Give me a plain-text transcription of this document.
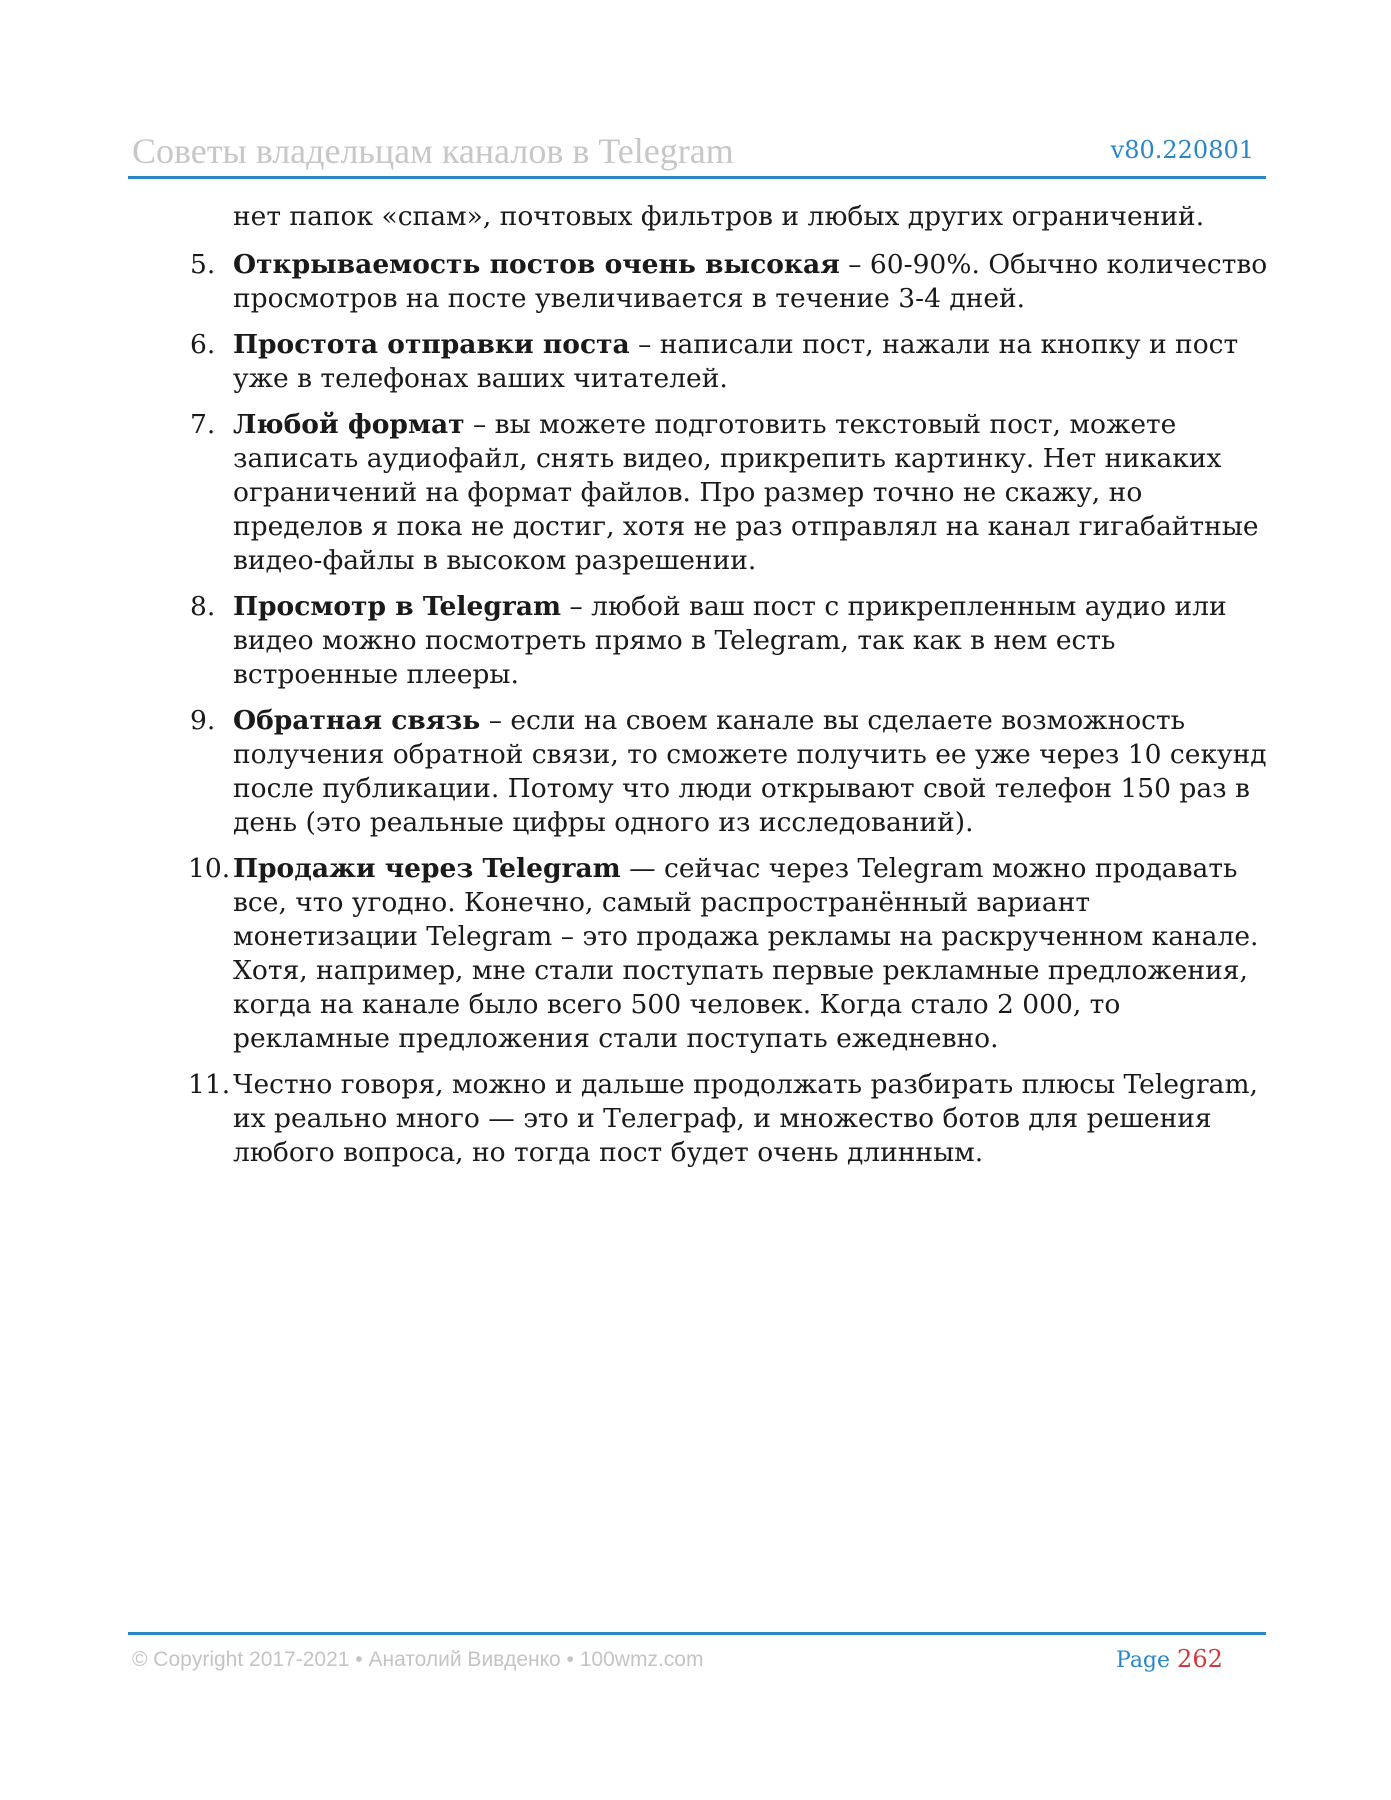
Советы владельцам каналов в Telegram	v80.220801
нет папок «спам», почтовых фильтров и любых других ограничений.
5. Открываемость постов очень высокая – 60-90%. Обычно количество просмотров на посте увеличивается в течение 3-4 дней.
6. Простота отправки поста – написали пост, нажали на кнопку и пост уже в телефонах ваших читателей.
7. Любой формат – вы можете подготовить текстовый пост, можете записать аудиофайл, снять видео, прикрепить картинку. Нет никаких ограничений на формат файлов. Про размер точно не скажу, но пределов я пока не достиг, хотя не раз отправлял на канал гигабайтные видео-файлы в высоком разрешении.
8. Просмотр в Telegram – любой ваш пост с прикрепленным аудио или видео можно посмотреть прямо в Telegram, так как в нем есть встроенные плееры.
9. Обратная связь – если на своем канале вы сделаете возможность получения обратной связи, то сможете получить ее уже через 10 секунд после публикации. Потому что люди открывают свой телефон 150 раз в день (это реальные цифры одного из исследований).
10. Продажи через Telegram — сейчас через Telegram можно продавать все, что угодно. Конечно, самый распространённый вариант монетизации Telegram – это продажа рекламы на раскрученном канале. Хотя, например, мне стали поступать первые рекламные предложения, когда на канале было всего 500 человек. Когда стало 2 000, то рекламные предложения стали поступать ежедневно.
11. Честно говоря, можно и дальше продолжать разбирать плюсы Telegram, их реально много — это и Телеграф, и множество ботов для решения любого вопроса, но тогда пост будет очень длинным.
© Copyright 2017-2021 • Анатолий Вивденко • 100wmz.com	Page 262
